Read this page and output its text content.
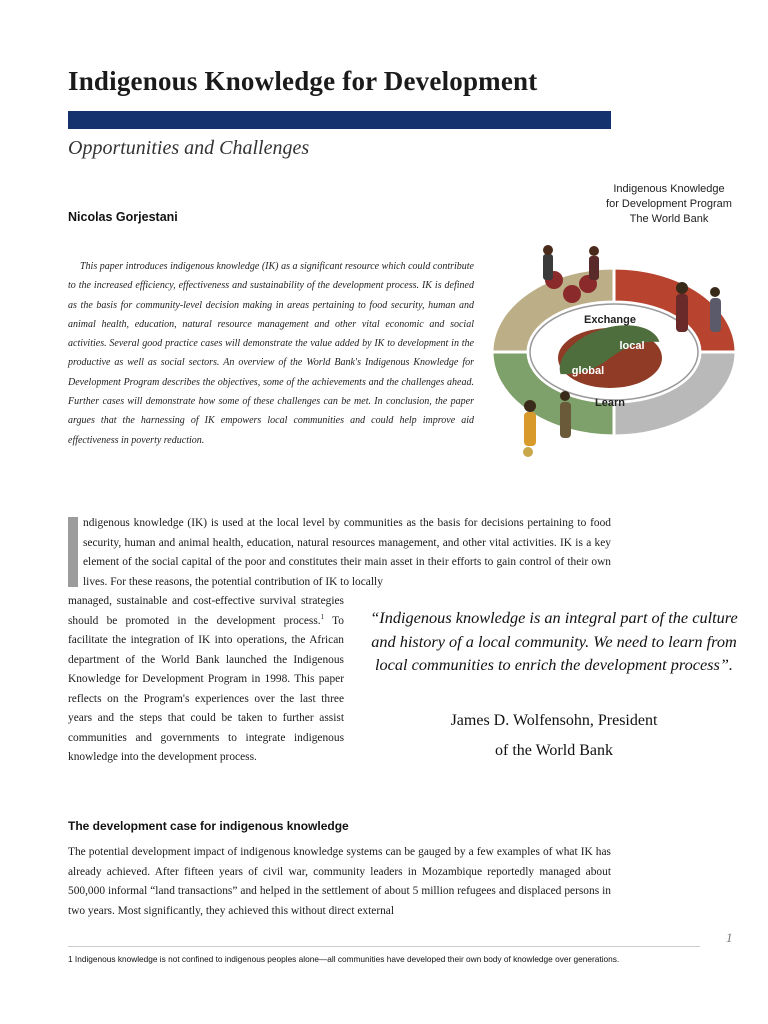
Indigenous Knowledge for Development
Opportunities and Challenges
Indigenous Knowledge
for Development Program
The World Bank
Nicolas Gorjestani
This paper introduces indigenous knowledge (IK) as a significant resource which could contribute to the increased efficiency, effectiveness and sustainability of the development process. IK is defined as the basis for community-level decision making in areas pertaining to food security, human and animal health, education, natural resource management and other vital economic and social activities. Several good practice cases will demonstrate the value added by IK to development in the productive as well as social sectors. An overview of the World Bank's Indigenous Knowledge for Development Program describes the objectives, some of the achievements and the challenges ahead. Further cases will demonstrate how some of these challenges can be met. In conclusion, the paper argues that the harnessing of IK empowers local communities and could help improve aid effectiveness in poverty reduction.
Exchange
local
global
Learn
ndigenous knowledge (IK) is used at the local level by communities as the basis for decisions pertaining to food security, human and animal health, education, natural resources management, and other vital activities. IK is a key element of the social capital of the poor and constitutes their main asset in their efforts to gain control of their own lives. For these reasons, the potential contribution of IK to locally
managed, sustainable and cost-effective survival strategies should be promoted in the development process.$^1$ To facilitate the integration of IK into operations, the African department of the World Bank launched the Indigenous Knowledge for Development Program in 1998. This paper reflects on the Program's experiences over the last three years and the steps that could be taken to further assist communities and governments to integrate indigenous knowledge into the development process.
“Indigenous knowledge is an integral part of the culture and history of a local community. We need to learn from local communities to enrich the development process”.
James D. Wolfensohn, President
of the World Bank
The development case for indigenous knowledge
The potential development impact of indigenous knowledge systems can be gauged by a few examples of what IK has already achieved. After fifteen years of civil war, community leaders in Mozambique reportedly managed about 500,000 informal “land transactions” and helped in the settlement of about 5 million refugees and displaced persons in two years. Most significantly, they achieved this without direct external
1
1 Indigenous knowledge is not confined to indigenous peoples alone—all communities have developed their own body of knowledge over generations.
